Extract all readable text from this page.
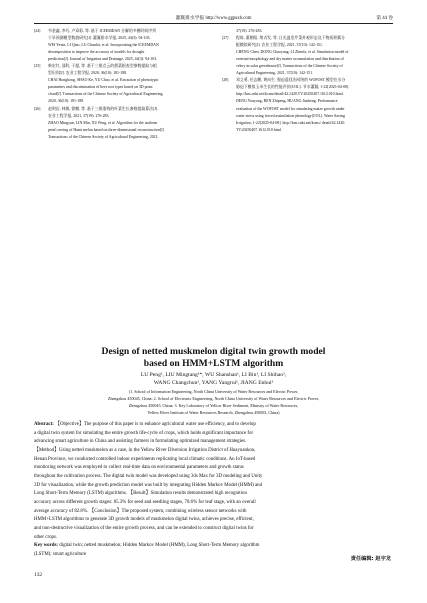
灌溉排水学报 http://www.ggpsxb.com	第 44 卷
[24] 韦金鑫, 李巧, 卢章彩, 等. 基于 ICEEMDAN 分解的多模时间序列
干旱预测模型数值研究[J]. 灌溉排水学报, 2025, 44(3): 94-103.
WEI Yexin, LI Qiao, LU Chunlai, et al. Incorporating the ICEEMDAN
decomposition to improve the accuracy of models for drought
prediction[J]. Journal of Irrigation and Drainage, 2025, 44(3): 94-103.
[25] 柴宏红, 邵科, 于超, 等. 基于三维点云的甜菜根表型参数提取与根
型识别[J]. 农业工程学报, 2020, 36(10): 181-188.
CHAI Honghong, SHAO Ke, YU Chao, et al. Extraction of phenotypic
parameters and discrimination of beet root types based on 3D point
cloud[J]. Transactions of the Chinese Society of Agricultural Engineering,
2020, 36(10): 181-188.
[26] 赵明岩, 林敏, 徐鹏, 等. 基于三维重构的叶菜生长参数提取算法[J].
农业工程学报, 2021, 37(19): 276-283.
ZHAO Mingyan, LIN Min, XU Peng, et al. Algorithm for the uniform
petal carving of Hami melon based on three-dimensional reconstruction[J].
Transactions of the Chinese Society of Agricultural Engineering, 2021,
37(19): 276-283.
[27] 程陈, 董朝阳, 黎贞发, 等. 日光温室芹菜外观形态及干物质积累分
配模拟研究[J]. 农业工程学报, 2021, 37(10): 142-151.
CHENG Chen, DONG Chaoyang, LI Zhenfa, et al. Simulation model of
external morphology and dry matter accumulation and distribution of
celery in solar greenhouse[J]. Transactions of the Chinese Society of
Agricultural Engineering, 2021, 37(10): 142-151.
[28] 邓义勇, 任志鹏, 黄向生. 强迫返回法网络的 WOFOST 模型在水分
胁迫下模拟玉米生长的性能评价[J/OL]. 节水灌溉, 1-22[2025-04-08].
http://kns.cnki.net/kcms/detail/42.1420.TV.20250407.1612.010.html.
DENG Youyong, REN Zhipeng, HUANG Jiasheng. Performance
evaluation of the WOFOST model for simulating maize growth under
water stress using forced assimilation phenology[J/OL]. Water Saving
Irrigation, 1-22[2025-04-08]. http://kns.cnki.net/kcms/ detail/42.1420.
TV.20250407.1612.010.html.
Design of netted muskmelon digital twin growth model
based on HMM+LSTM algorithm
LU Peng¹, LIU Mingtang¹*, WU Shanshan¹, LI Bin¹, LI Shihao²,
WANG Changchun², YANG Yangrui¹, JIANG Enhui³
(1. School of Information Engineering, North China University of Water Resources and Electric Power,
Zhengzhou 450045, China; 2. School of Electronic Engineering, North China University of Water Resources and Electric Power,
Zhengzhou 450045, China; 3. Key Laboratory of Yellow River Sediment, Ministry of Water Resources,
Yellow River Institute of Water Resources Research, Zhengzhou 450003, China)
Abstract: 【Objective】The purpose of this paper is to enhance agricultural water use efficiency, and to develop
a digital twin system for simulating the entire growth life-cycle of crops, which holds significant importance for
advancing smart agriculture in China and assisting farmers in formulating optimized management strategies.
【Method】Using netted muskmelon as a case, in the Yellow River Diversion Irrigation District of Huayuankou,
Henan Province, we conducted controlled indoor experiments replicating local climatic conditions. An IoT-based
monitoring network was employed to collect real-time data on environmental parameters and growth status
throughout the cultivation process. The digital twin model was developed using 3ds Max for 3D modeling and Unity
3D for visualization, while the growth prediction model was built by integrating Hidden Markov Model (HMM) and
Long Short-Term Memory (LSTM) algorithms. 【Result】Simulation results demonstrated high recognition
accuracy across different growth stages: 85.3% for seed and seedling stages, 78.6% for leaf stage, with an overall
average accuracy of 82.8%. 【Conclusion】The proposed system, combining wireless sensor networks with
HMM+LSTM algorithms to generate 3D growth models of muskmelon digital twins, achieves precise, efficient,
and non-destructive visualization of the entire growth process, and can be extended to construct digital twins for
other crops.
Key words: digital twin; netted muskmelon; Hidden Markov Model (HMM), Long Short-Term Memory algorithm
(LSTM); smart agriculture
责任编辑: 赵宇龙
132
